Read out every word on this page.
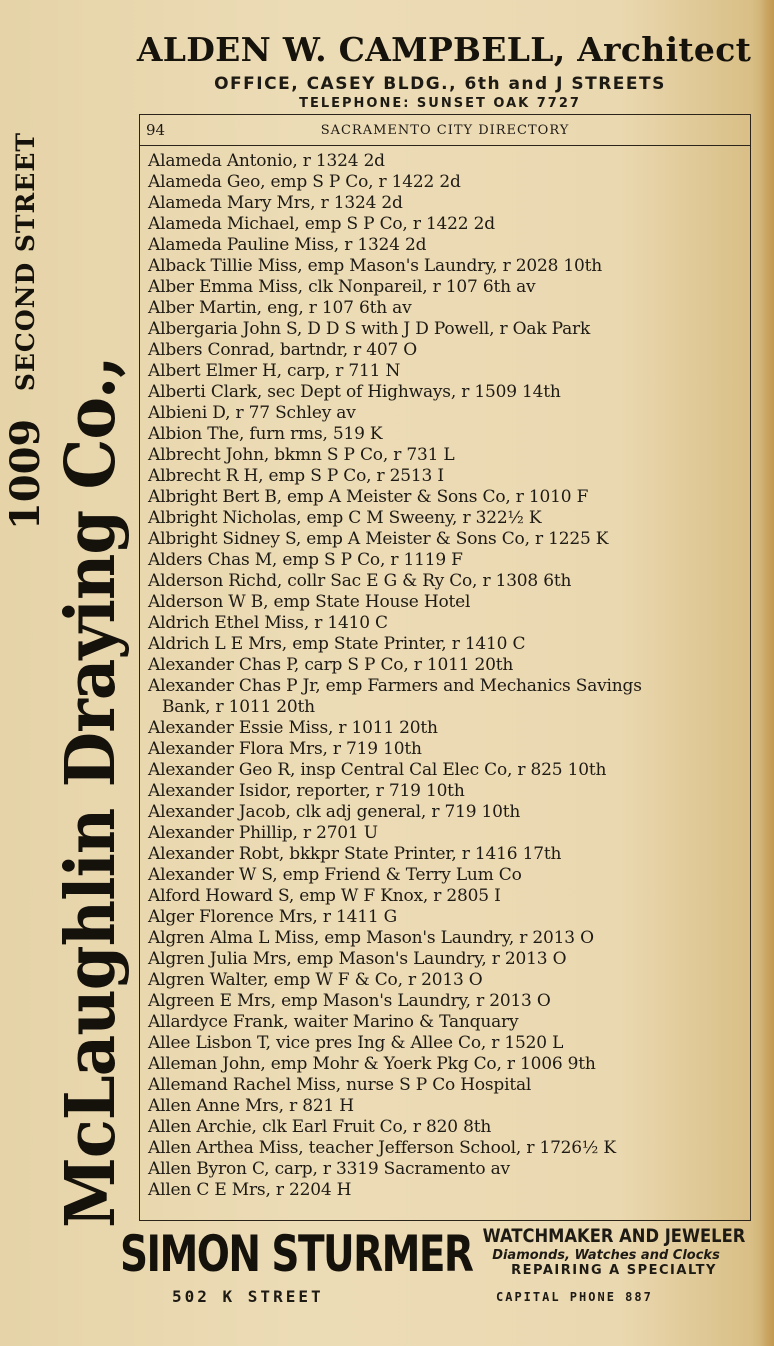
ALDEN W. CAMPBELL, Architect
OFFICE, CASEY BLDG., 6th and J STREETS
TELEPHONE: SUNSET OAK 7727
1009 SECOND STREET
McLaughlin Draying Co.,
94	SACRAMENTO CITY DIRECTORY
Alameda Antonio, r 1324 2d
Alameda Geo, emp S P Co, r 1422 2d
Alameda Mary Mrs, r 1324 2d
Alameda Michael, emp S P Co, r 1422 2d
Alameda Pauline Miss, r 1324 2d
Alback Tillie Miss, emp Mason's Laundry, r 2028 10th
Alber Emma Miss, clk Nonpareil, r 107 6th av
Alber Martin, eng, r 107 6th av
Albergaria John S, D D S with J D Powell, r Oak Park
Albers Conrad, bartndr, r 407 O
Albert Elmer H, carp, r 711 N
Alberti Clark, sec Dept of Highways, r 1509 14th
Albieni D, r 77 Schley av
Albion The, furn rms, 519 K
Albrecht John, bkmn S P Co, r 731 L
Albrecht R H, emp S P Co, r 2513 I
Albright Bert B, emp A Meister & Sons Co, r 1010 F
Albright Nicholas, emp C M Sweeny, r 322½ K
Albright Sidney S, emp A Meister & Sons Co, r 1225 K
Alders Chas M, emp S P Co, r 1119 F
Alderson Richd, collr Sac E G & Ry Co, r 1308 6th
Alderson W B, emp State House Hotel
Aldrich Ethel Miss, r 1410 C
Aldrich L E Mrs, emp State Printer, r 1410 C
Alexander Chas P, carp S P Co, r 1011 20th
Alexander Chas P Jr, emp Farmers and Mechanics Savings
Bank, r 1011 20th
Alexander Essie Miss, r 1011 20th
Alexander Flora Mrs, r 719 10th
Alexander Geo R, insp Central Cal Elec Co, r 825 10th
Alexander Isidor, reporter, r 719 10th
Alexander Jacob, clk adj general, r 719 10th
Alexander Phillip, r 2701 U
Alexander Robt, bkkpr State Printer, r 1416 17th
Alexander W S, emp Friend & Terry Lum Co
Alford Howard S, emp W F Knox, r 2805 I
Alger Florence Mrs, r 1411 G
Algren Alma L Miss, emp Mason's Laundry, r 2013 O
Algren Julia Mrs, emp Mason's Laundry, r 2013 O
Algren Walter, emp W F & Co, r 2013 O
Algreen E Mrs, emp Mason's Laundry, r 2013 O
Allardyce Frank, waiter Marino & Tanquary
Allee Lisbon T, vice pres Ing & Allee Co, r 1520 L
Alleman John, emp Mohr & Yoerk Pkg Co, r 1006 9th
Allemand Rachel Miss, nurse S P Co Hospital
Allen Anne Mrs, r 821 H
Allen Archie, clk Earl Fruit Co, r 820 8th
Allen Arthea Miss, teacher Jefferson School, r 1726½ K
Allen Byron C, carp, r 3319 Sacramento av
Allen C E Mrs, r 2204 H
SIMON STURMER WATCHMAKER AND JEWELER
Diamonds, Watches and Clocks
REPAIRING A SPECIALTY
502 K STREET	CAPITAL PHONE 887
